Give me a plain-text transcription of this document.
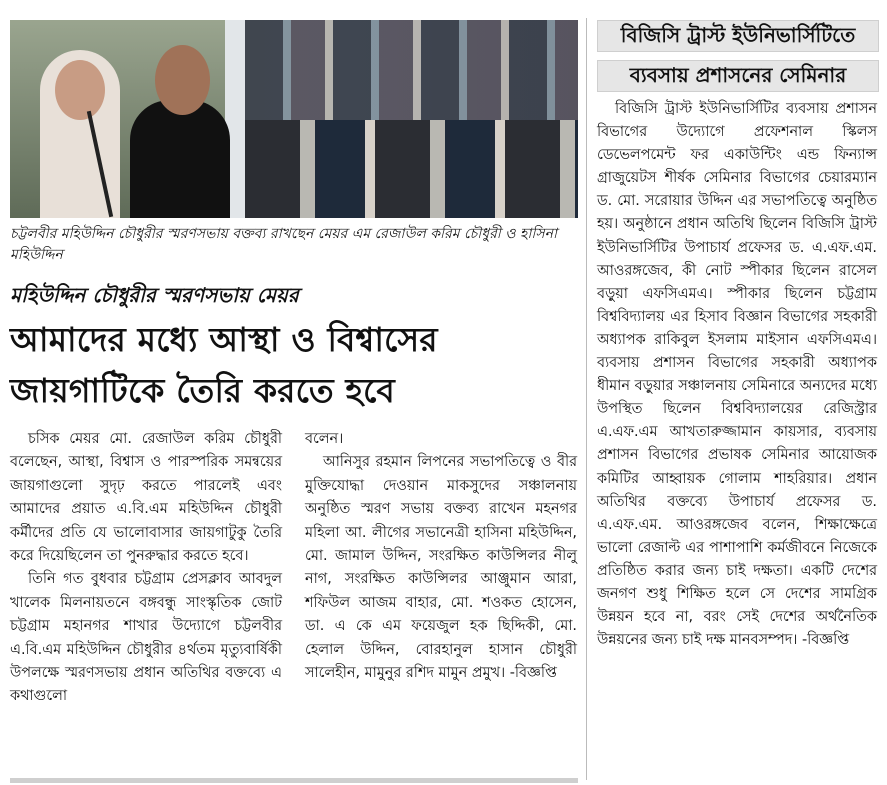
চট্টলবীর মহিউদ্দিন চৌধুরীর স্মরণসভায় বক্তব্য রাখছেন মেয়র এম রেজাউল করিম চৌধুরী ও হাসিনা মহিউদ্দিন
মহিউদ্দিন চৌধুরীর স্মরণসভায় মেয়র
আমাদের মধ্যে আস্থা ও বিশ্বাসের
জায়গাটিকে তৈরি করতে হবে

চসিক মেয়র মো. রেজাউল করিম চৌধুরী বলেছেন, আস্থা, বিশ্বাস ও পারস্পরিক সমন্বয়ের জায়গাগুলো সুদৃঢ় করতে পারলেই এবং আমাদের প্রয়াত এ.বি.এম মহিউদ্দিন চৌধুরী কর্মীদের প্রতি যে ভালোবাসার জায়গাটুকু তৈরি করে দিয়েছিলেন তা পুনরুদ্ধার করতে হবে।

তিনি গত বুধবার চট্টগ্রাম প্রেসক্লাব আবদুল খালেক মিলনায়তনে বঙ্গবন্ধু সাংস্কৃতিক জোট চট্টগ্রাম মহানগর শাখার উদ্যোগে চট্টলবীর এ.বি.এম মহিউদ্দিন চৌধুরীর ৪র্থতম মৃত্যুবার্ষিকী উপলক্ষে স্মরণসভায় প্রধান অতিথির বক্তব্যে এ কথাগুলো

বলেন।

আনিসুর রহমান লিপনের সভাপতিত্বে ও বীর মুক্তিযোদ্ধা দেওয়ান মাকসুদের সঞ্চালনায় অনুষ্ঠিত স্মরণ সভায় বক্তব্য রাখেন মহনগর মহিলা আ. লীগের সভানেত্রী হাসিনা মহিউদ্দিন, মো. জামাল উদ্দিন, সংরক্ষিত কাউন্সিলর নীলু নাগ, সংরক্ষিত কাউন্সিলর আঞ্জুমান আরা, শফিউল আজম বাহার, মো. শওকত হোসেন, ডা. এ কে এম ফয়েজুল হক ছিদ্দিকী, মো. হেলাল উদ্দিন, বোরহানুল হাসান চৌধুরী সালেহীন, মামুনুর রশিদ মামুন প্রমুখ। -বিজ্ঞপ্তি

বিজিসি ট্রাস্ট ইউনিভার্সিটিতে
ব্যবসায় প্রশাসনের সেমিনার

বিজিসি ট্রাস্ট ইউনিভার্সিটির ব্যবসায় প্রশাসন বিভাগের উদ্যোগে প্রফেশনাল স্কিলস ডেভেলপমেন্ট ফর একাউন্টিং এন্ড ফিন্যান্স গ্রাজুয়েটস শীর্ষক সেমিনার বিভাগের চেয়ারম্যান ড. মো. সরোয়ার উদ্দিন এর সভাপতিত্বে অনুষ্ঠিত হয়। অনুষ্ঠানে প্রধান অতিথি ছিলেন বিজিসি ট্রাস্ট ইউনিভার্সিটির উপাচার্য প্রফেসর ড. এ.এফ.এম. আওরঙ্গজেব, কী নোট স্পীকার ছিলেন রাসেল বড়ুয়া এফসিএমএ। স্পীকার ছিলেন চট্টগ্রাম বিশ্ববিদ্যালয় এর হিসাব বিজ্ঞান বিভাগের সহকারী অধ্যাপক রাকিবুল ইসলাম মাইসান এফসিএমএ। ব্যবসায় প্রশাসন বিভাগের সহকারী অধ্যাপক ধীমান বড়ুয়ার সঞ্চালনায় সেমিনারে অন্যদের মধ্যে উপস্থিত ছিলেন বিশ্ববিদ্যালয়ের রেজিস্ট্রার এ.এফ.এম আখতারুজ্জামান কায়সার, ব্যবসায় প্রশাসন বিভাগের প্রভাষক সেমিনার আয়োজক কমিটির আহ্বায়ক গোলাম শাহরিয়ার। প্রধান অতিথির বক্তব্যে উপাচার্য প্রফেসর ড. এ.এফ.এম. আওরঙ্গজেব বলেন, শিক্ষাক্ষেত্রে ভালো রেজাল্ট এর পাশাপাশি কর্মজীবনে নিজেকে প্রতিষ্ঠিত করার জন্য চাই দক্ষতা। একটি দেশের জনগণ শুধু শিক্ষিত হলে সে দেশের সামগ্রিক উন্নয়ন হবে না, বরং সেই দেশের অর্থনৈতিক উন্নয়নের জন্য চাই দক্ষ মানবসম্পদ। -বিজ্ঞপ্তি
